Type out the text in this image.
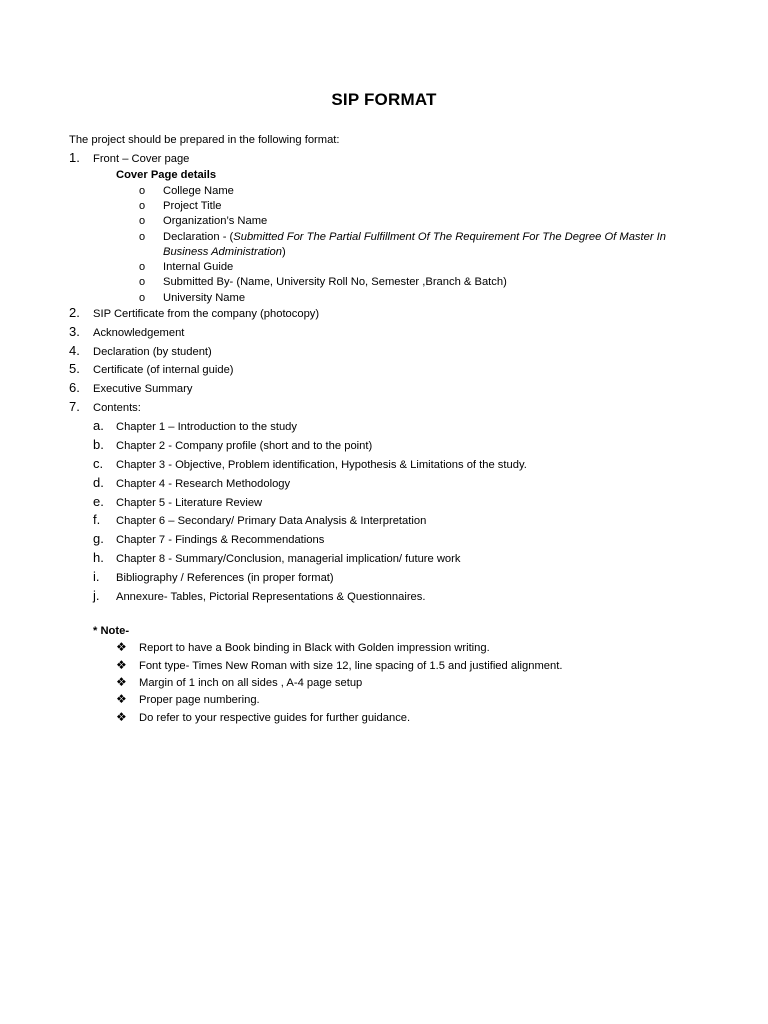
SIP FORMAT
The project should be prepared in the following format:
1. Front – Cover page
Cover Page details
o College Name
o Project Title
o Organization’s Name
o Declaration - (Submitted For The Partial Fulfillment Of The Requirement For The Degree Of Master In
Business Administration)
o Internal Guide
o Submitted By- (Name, University Roll No, Semester ,Branch & Batch)
o University Name
2. SIP Certificate from the company (photocopy)
3. Acknowledgement
4. Declaration (by student)
5. Certificate (of internal guide)
6. Executive Summary
7. Contents:
a. Chapter 1 – Introduction to the study
b. Chapter 2 - Company profile (short and to the point)
c. Chapter 3 - Objective, Problem identification, Hypothesis & Limitations of the study.
d. Chapter 4 - Research Methodology
e. Chapter 5 - Literature Review
f. Chapter 6 – Secondary/ Primary Data Analysis & Interpretation
g. Chapter 7 - Findings & Recommendations
h. Chapter 8 - Summary/Conclusion, managerial implication/ future work
i. Bibliography / References (in proper format)
j. Annexure- Tables, Pictorial Representations & Questionnaires.
* Note-
❖ Report to have a Book binding in Black with Golden impression writing.
❖ Font type- Times New Roman with size 12, line spacing of 1.5 and justified alignment.
❖ Margin of 1 inch on all sides , A-4 page setup
❖ Proper page numbering.
❖ Do refer to your respective guides for further guidance.
